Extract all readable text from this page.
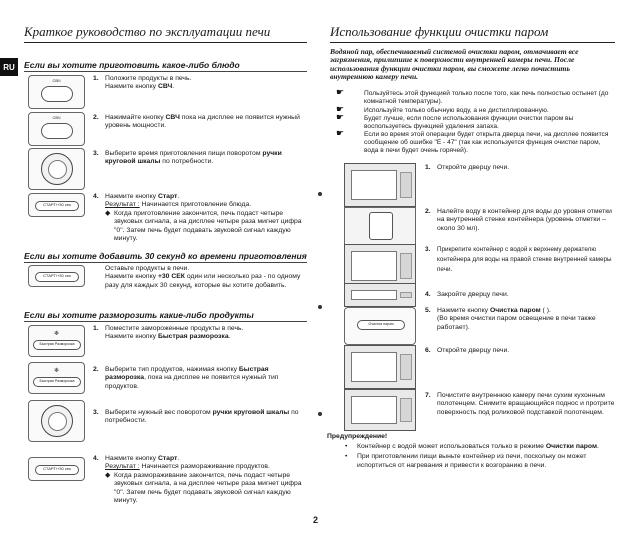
Краткое руководство по эксплуатации печи
RU	Если вы хотите приготовить какое-либо блюдо
СВЧ	1. Положите продукты в печь.
Нажмите кнопку СВЧ.
СВЧ	2. Нажимайте кнопку СВЧ пока на дисплее не появится нужный уровень мощности.
3. Выберите время приготовления пищи поворотом ручки круговой шкалы по потребности.
СТАРТ/+30 сек
4. Нажмите кнопку Старт.
Результат : Начинается приготовление блюда.

◆ Когда приготовление закончится, печь подаст четыре звуковых сигнала, а на дисплее четыре раза мигнет цифра "0". Затем печь будет подавать звуковой сигнал каждую минуту.
Если вы хотите добавить 30 секунд ко времени приготовления
СТАРТ/+30 сек
Оставьте продукты в печи.
Нажмите кнопку +30 СЕК один или несколько раз - по одному разу для каждых 30 секунд, которые вы хотите добавить.
Если вы хотите разморозить какие-либо продукты
❄
Быстрая Разморозка
1. Поместите замороженные продукты в печь.
Нажмите кнопку Быстрая разморозка.
❄
Быстрая Разморозка
2. Выберите тип продуктов, нажимая кнопку Быстрая разморозка, пока на дисплее не появится нужный тип продуктов.
3. Выберите нужный вес поворотом ручки круговой шкалы по потребности.
СТАРТ/+30 сек
4. Нажмите кнопку Старт.
Результат : Начинается размораживание продуктов.

◆ Когда размораживание закончится, печь подаст четыре звуковых сигнала, а на дисплее четыре раза мигнет цифра "0". Затем печь будет подавать звуковой сигнал каждую минуту.
Использование функции очистки паром
Водяной пар, обеспечиваемый системой очистки паром, отмачивает все загрязнения, прилипшие к поверхности внутренней камеры печи. После использования функции очистки паром, вы сможете легко почистить внутреннюю камеру печи.
☛	Пользуйтесь этой функцией только после того, как печь полностью остынет (до комнатной температуры).
☛	Используйте только обычную воду, а не дистиллированную.
☛	Будет лучше, если после использования функции очистки паром вы воспользуетесь функцией удаления запаха.
☛	Если во время этой операции будет открыта дверца печи, на дисплее появится сообщение об ошибке "E - 47" (так как используется функция очистки паром, вода в печи будет очень горячей).
1. Откройте дверцу печи.
2. Налейте воду в контейнер для воды до уровня отметки на внутренней стенке контейнера (уровень отметки – около 30 мл).
3. Прикрепите контейнер с водой к верхнему держателю контейнера для воды на правой стенке внутренней камеры печи.
4. Закройте дверцу печи.
Очистка паром
5. Нажмите кнопку Очистка паром ( ).
(Во время очистки паром освещение в печи также работает).
6. Откройте дверцу печи.
7. Почистите внутреннюю камеру печи сухим кухонным полотенцем. Снимите вращающийся поднос и протрите поверхность под роликовой подставкой полотенцем.
Предупреждение!
• Контейнер с водой может использоваться только в режиме Очистки паром.
• При приготовлении пищи выньте контейнер из печи, поскольку он может испортиться от нагревания и привести к возгоранию в печи.
2
